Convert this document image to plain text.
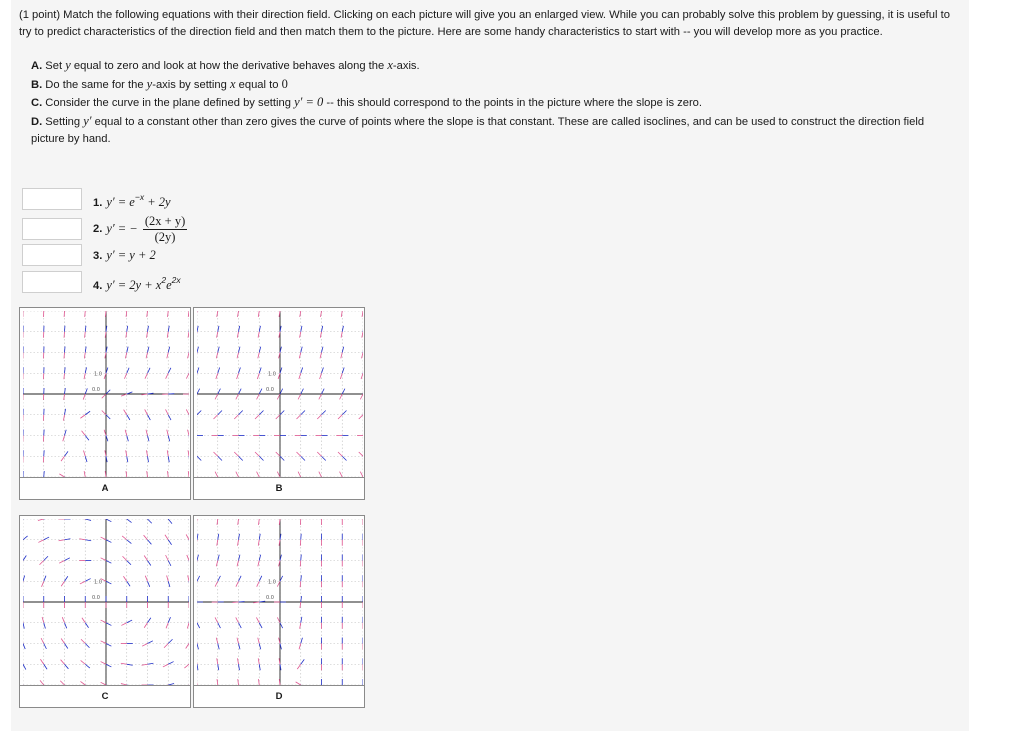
(1 point) Match the following equations with their direction field. Clicking on each picture will give you an enlarged view. While you can probably solve this problem by guessing, it is useful to try to predict characteristics of the direction field and then match them to the picture. Here are some handy characteristics to start with -- you will develop more as you practice.

A. Set y equal to zero and look at how the derivative behaves along the x-axis.
B. Do the same for the y-axis by setting x equal to 0
C. Consider the curve in the plane defined by setting y′ = 0 -- this should correspond to the points in the picture where the slope is zero.
D. Setting y′ equal to a constant other than zero gives the curve of points where the slope is that constant. These are called isoclines, and can be used to construct the direction field picture by hand.
1. $y' = e^{-x} + 2y$
2. y′ = − $\frac{(2x + y)}{(2y)}$
3. y′ = y + 2
4. $y' = 2y + x^2e^{2x}$
0.0
1.0
A
0.0
1.0
B
0.0
1.0
C
0.0
1.0
D
